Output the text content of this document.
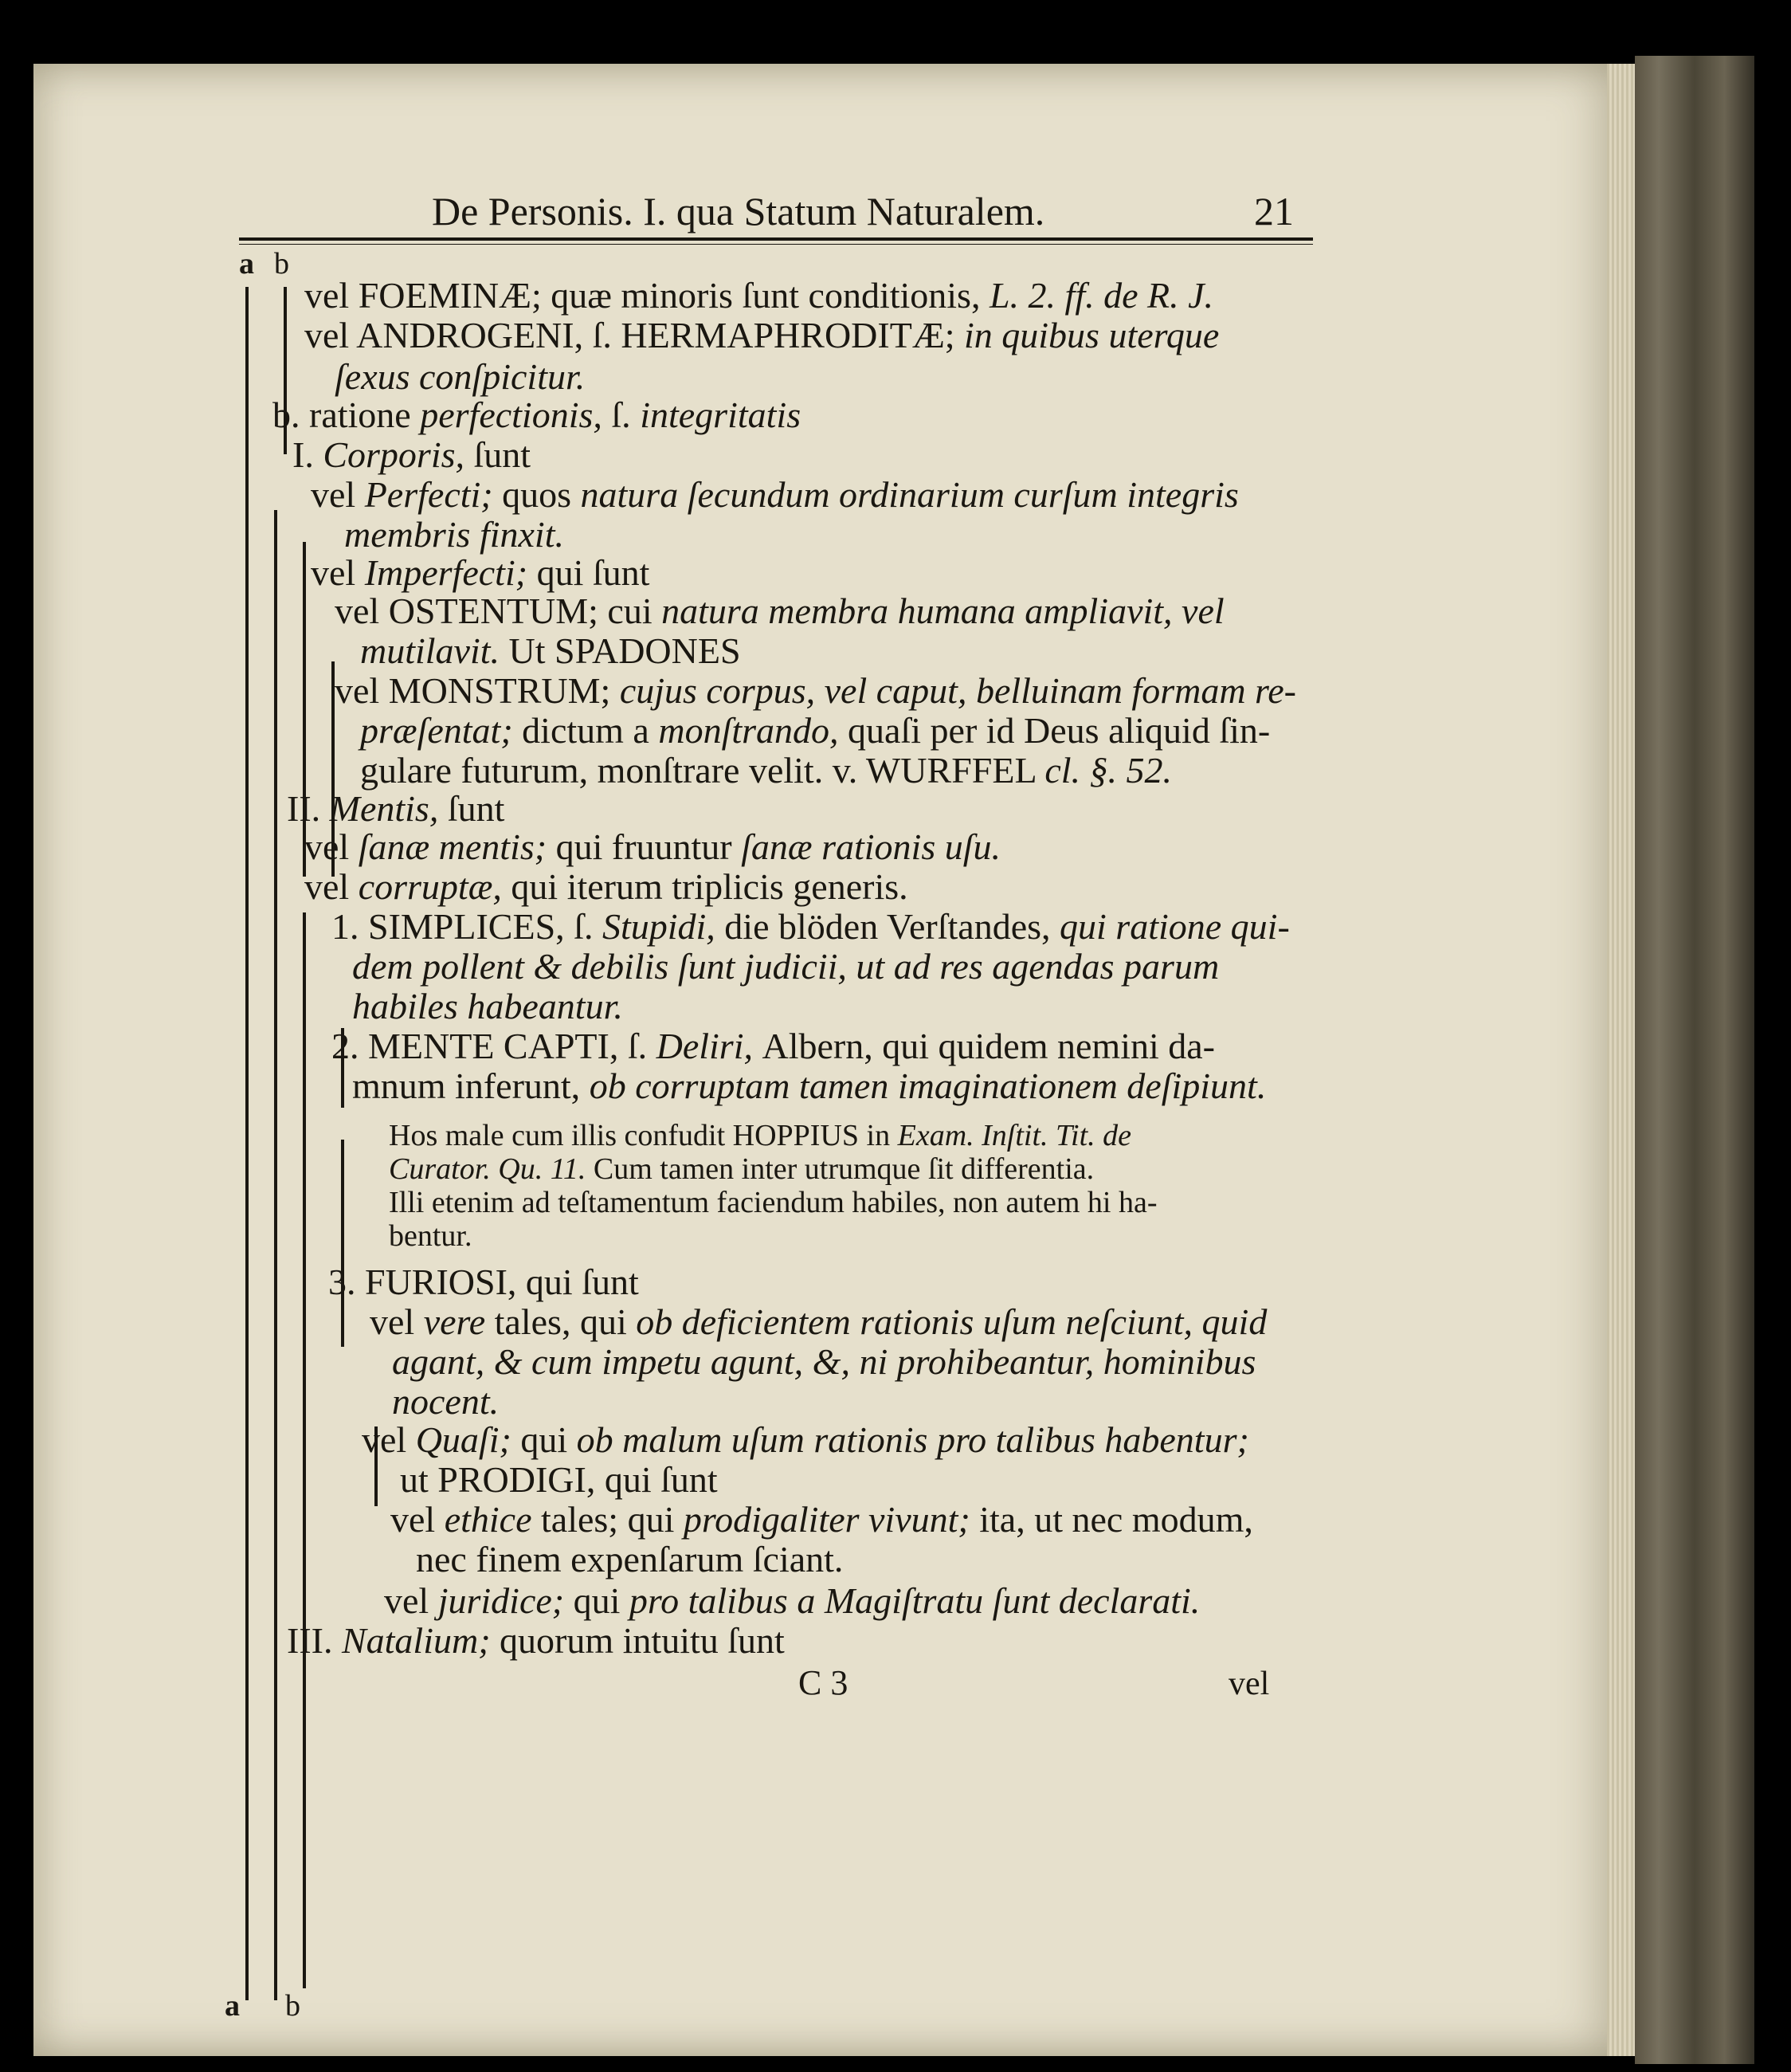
De Personis. I. qua Statum Naturalem.	21
a b
a b
vel FOEMINÆ; quæ minoris ſunt conditionis, L. 2. ff. de R. J.
vel ANDROGENI, ſ. HERMAPHRODITÆ; in quibus uterque
ſexus conſpicitur.
b. ratione perfectionis, ſ. integritatis
I. Corporis, ſunt
vel Perfecti; quos natura ſecundum ordinarium curſum integris
membris finxit.
vel Imperfecti; qui ſunt
vel OSTENTUM; cui natura membra humana ampliavit, vel
mutilavit. Ut SPADONES
vel MONSTRUM; cujus corpus, vel caput, belluinam formam re-
præſentat; dictum a monſtrando, quaſi per id Deus aliquid ſin-
gulare futurum, monſtrare velit. v. WURFFEL cl. §. 52.
II. Mentis, ſunt
vel ſanæ mentis; qui fruuntur ſanæ rationis uſu.
vel corruptæ, qui iterum triplicis generis.
1. SIMPLICES, ſ. Stupidi, die blöden Verſtandes, qui ratione qui-
dem pollent & debilis ſunt judicii, ut ad res agendas parum
habiles habeantur.
2. MENTE CAPTI, ſ. Deliri, Albern, qui quidem nemini da-
mnum inferunt, ob corruptam tamen imaginationem deſipiunt.
Hos male cum illis confudit HOPPIUS in Exam. Inſtit. Tit. de
Curator. Qu. 11. Cum tamen inter utrumque ſit differentia.
Illi etenim ad teſtamentum faciendum habiles, non autem hi ha-
bentur.
3. FURIOSI, qui ſunt
vel vere tales, qui ob deficientem rationis uſum neſciunt, quid
agant, & cum impetu agunt, &, ni prohibeantur, hominibus
nocent.
vel Quaſi; qui ob malum uſum rationis pro talibus habentur;
ut PRODIGI, qui ſunt
vel ethice tales; qui prodigaliter vivunt; ita, ut nec modum,
nec finem expenſarum ſciant.
vel juridice; qui pro talibus a Magiſtratu ſunt declarati.
III. Natalium; quorum intuitu ſunt
C 3	vel
